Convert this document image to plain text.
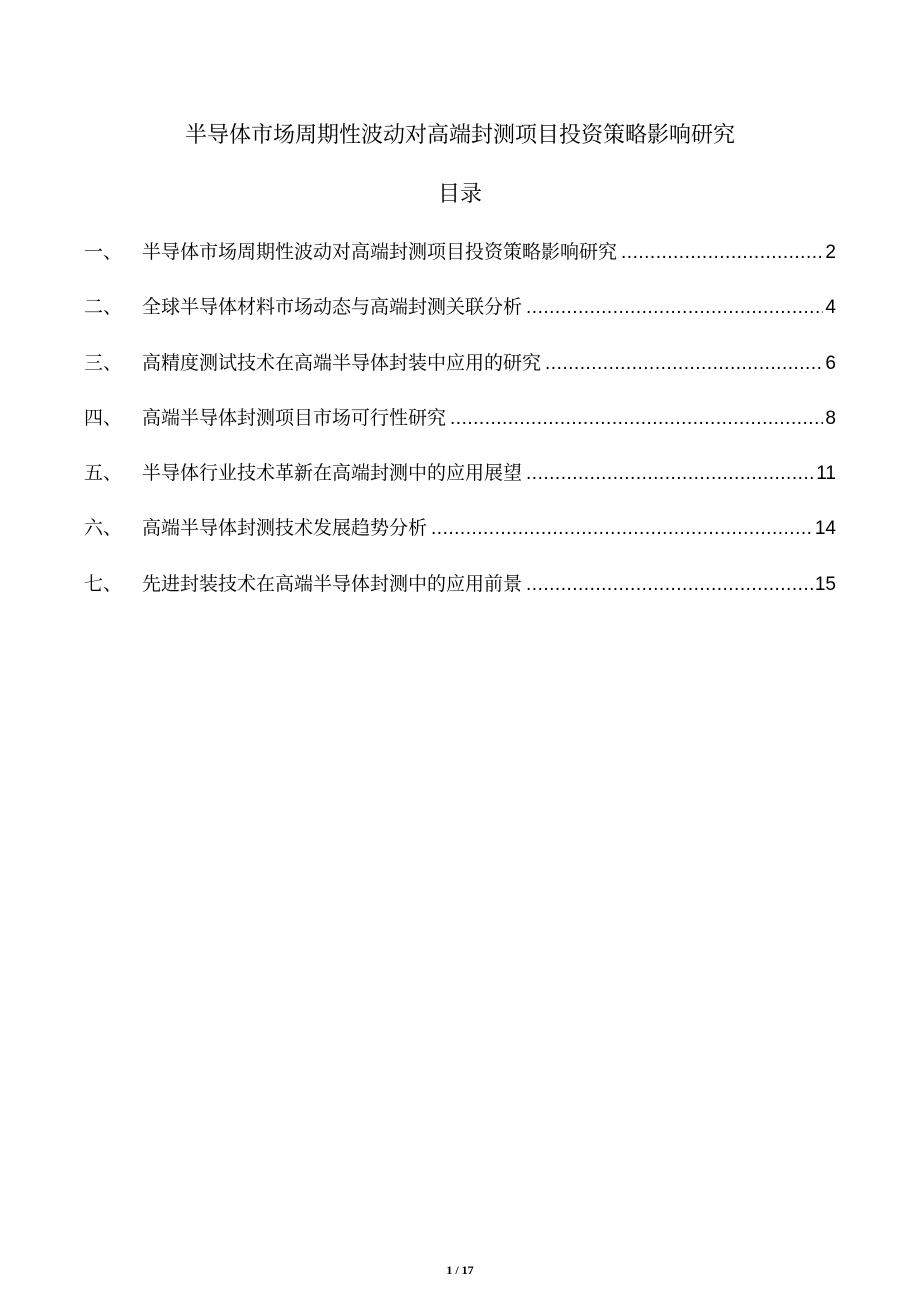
半导体市场周期性波动对高端封测项目投资策略影响研究
目录
一、	半导体市场周期性波动对高端封测项目投资策略影响研究 .....	2
二、	全球半导体材料市场动态与高端封测关联分析 .....	4
三、	高精度测试技术在高端半导体封装中应用的研究 .....	6
四、	高端半导体封测项目市场可行性研究 .....	8
五、	半导体行业技术革新在高端封测中的应用展望 .....	11
六、	高端半导体封测技术发展趋势分析 .....	14
七、	先进封装技术在高端半导体封测中的应用前景 .....	15
1 / 17
